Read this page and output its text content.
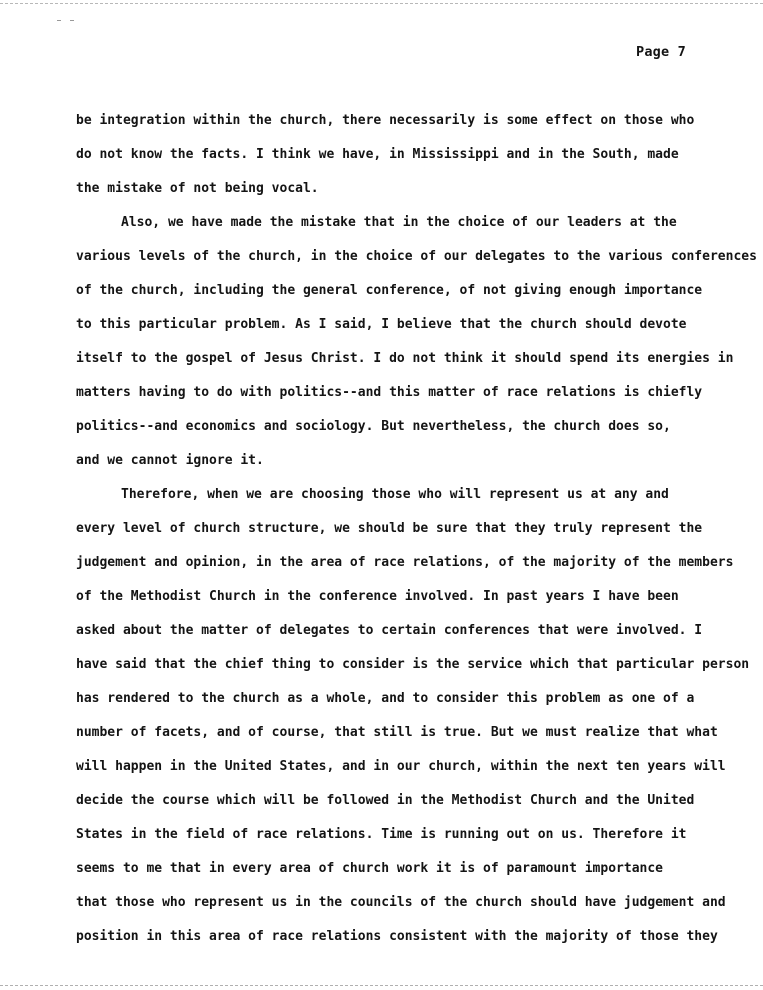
Page 7
be integration within the church, there necessarily is some effect on those who
do not know the facts. I think we have, in Mississippi and in the South, made
the mistake of not being vocal.
Also, we have made the mistake that in the choice of our leaders at the
various levels of the church, in the choice of our delegates to the various conferences
of the church, including the general conference, of not giving enough importance
to this particular problem. As I said, I believe that the church should devote
itself to the gospel of Jesus Christ. I do not think it should spend its energies in
matters having to do with politics--and this matter of race relations is chiefly
politics--and economics and sociology. But nevertheless, the church does so,
and we cannot ignore it.
Therefore, when we are choosing those who will represent us at any and
every level of church structure, we should be sure that they truly represent the
judgement and opinion, in the area of race relations, of the majority of the members
of the Methodist Church in the conference involved. In past years I have been
asked about the matter of delegates to certain conferences that were involved. I
have said that the chief thing to consider is the service which that particular person
has rendered to the church as a whole, and to consider this problem as one of a
number of facets, and of course, that still is true. But we must realize that what
will happen in the United States, and in our church, within the next ten years will
decide the course which will be followed in the Methodist Church and the United
States in the field of race relations. Time is running out on us. Therefore it
seems to me that in every area of church work it is of paramount importance
that those who represent us in the councils of the church should have judgement and
position in this area of race relations consistent with the majority of those they
